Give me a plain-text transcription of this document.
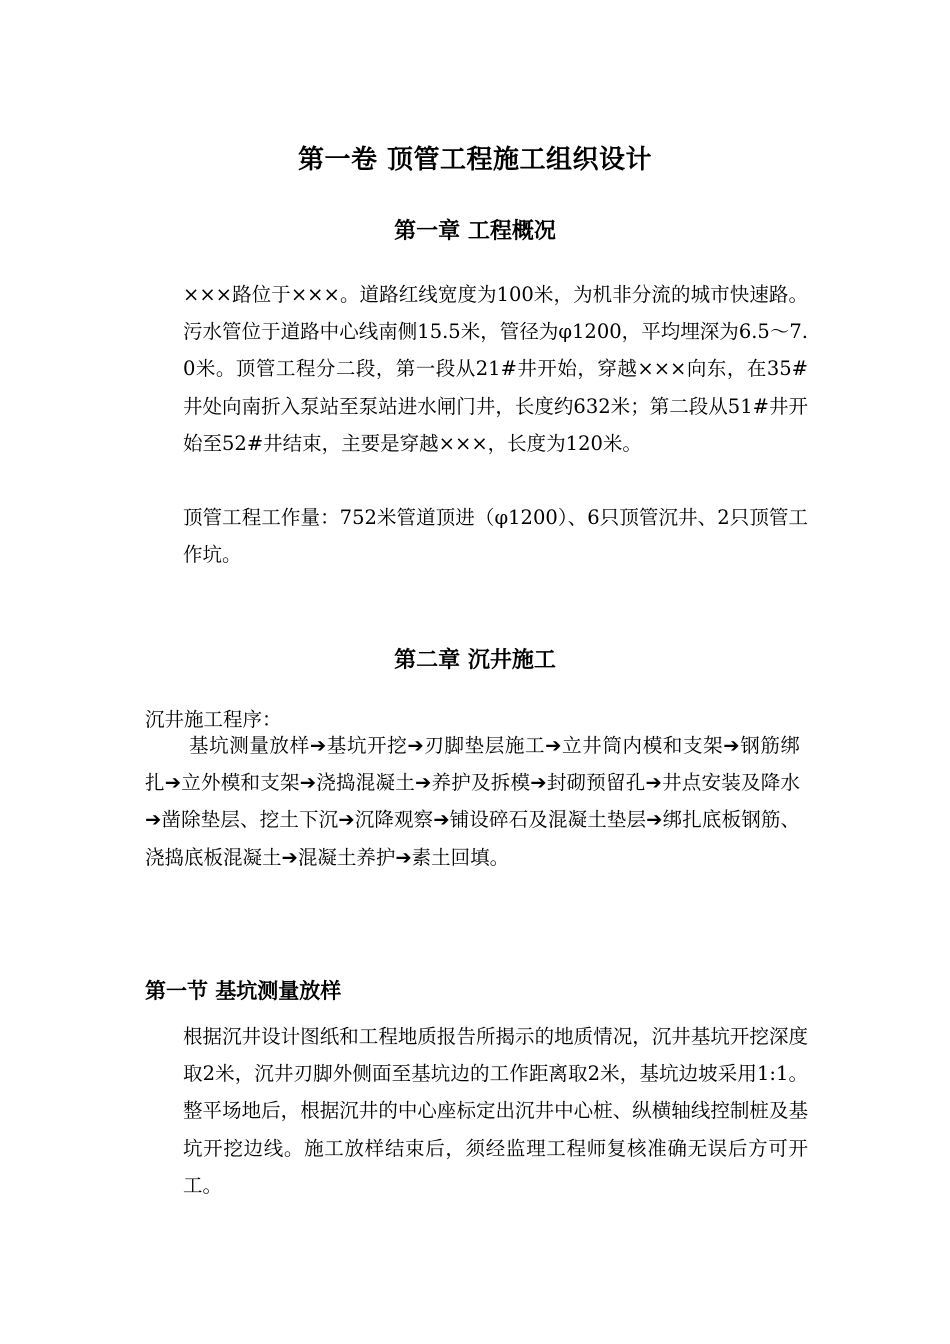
第一卷 顶管工程施工组织设计
第一章 工程概况

×××路位于×××。道路红线宽度为100米，为机非分流的城市快速路。污水管位于道路中心线南侧15.5米，管径为φ1200，平均埋深为6.5～7.0米。顶管工程分二段，第一段从21#井开始，穿越×××向东，在35#井处向南折入泵站至泵站进水闸门井，长度约632米；第二段从51#井开始至52#井结束，主要是穿越×××，长度为120米。

顶管工程工作量：752米管道顶进（φ1200）、6只顶管沉井、2只顶管工作坑。

第二章 沉井施工

沉井施工程序：

基坑测量放样➔基坑开挖➔刃脚垫层施工➔立井筒内模和支架➔钢筋绑扎➔立外模和支架➔浇捣混凝土➔养护及拆模➔封砌预留孔➔井点安装及降水➔凿除垫层、挖土下沉➔沉降观察➔铺设碎石及混凝土垫层➔绑扎底板钢筋、浇捣底板混凝土➔混凝土养护➔素土回填。

第一节 基坑测量放样

根据沉井设计图纸和工程地质报告所揭示的地质情况，沉井基坑开挖深度取2米，沉井刃脚外侧面至基坑边的工作距离取2米，基坑边坡采用1:1。整平场地后，根据沉井的中心座标定出沉井中心桩、纵横轴线控制桩及基坑开挖边线。施工放样结束后，须经监理工程师复核准确无误后方可开工。
